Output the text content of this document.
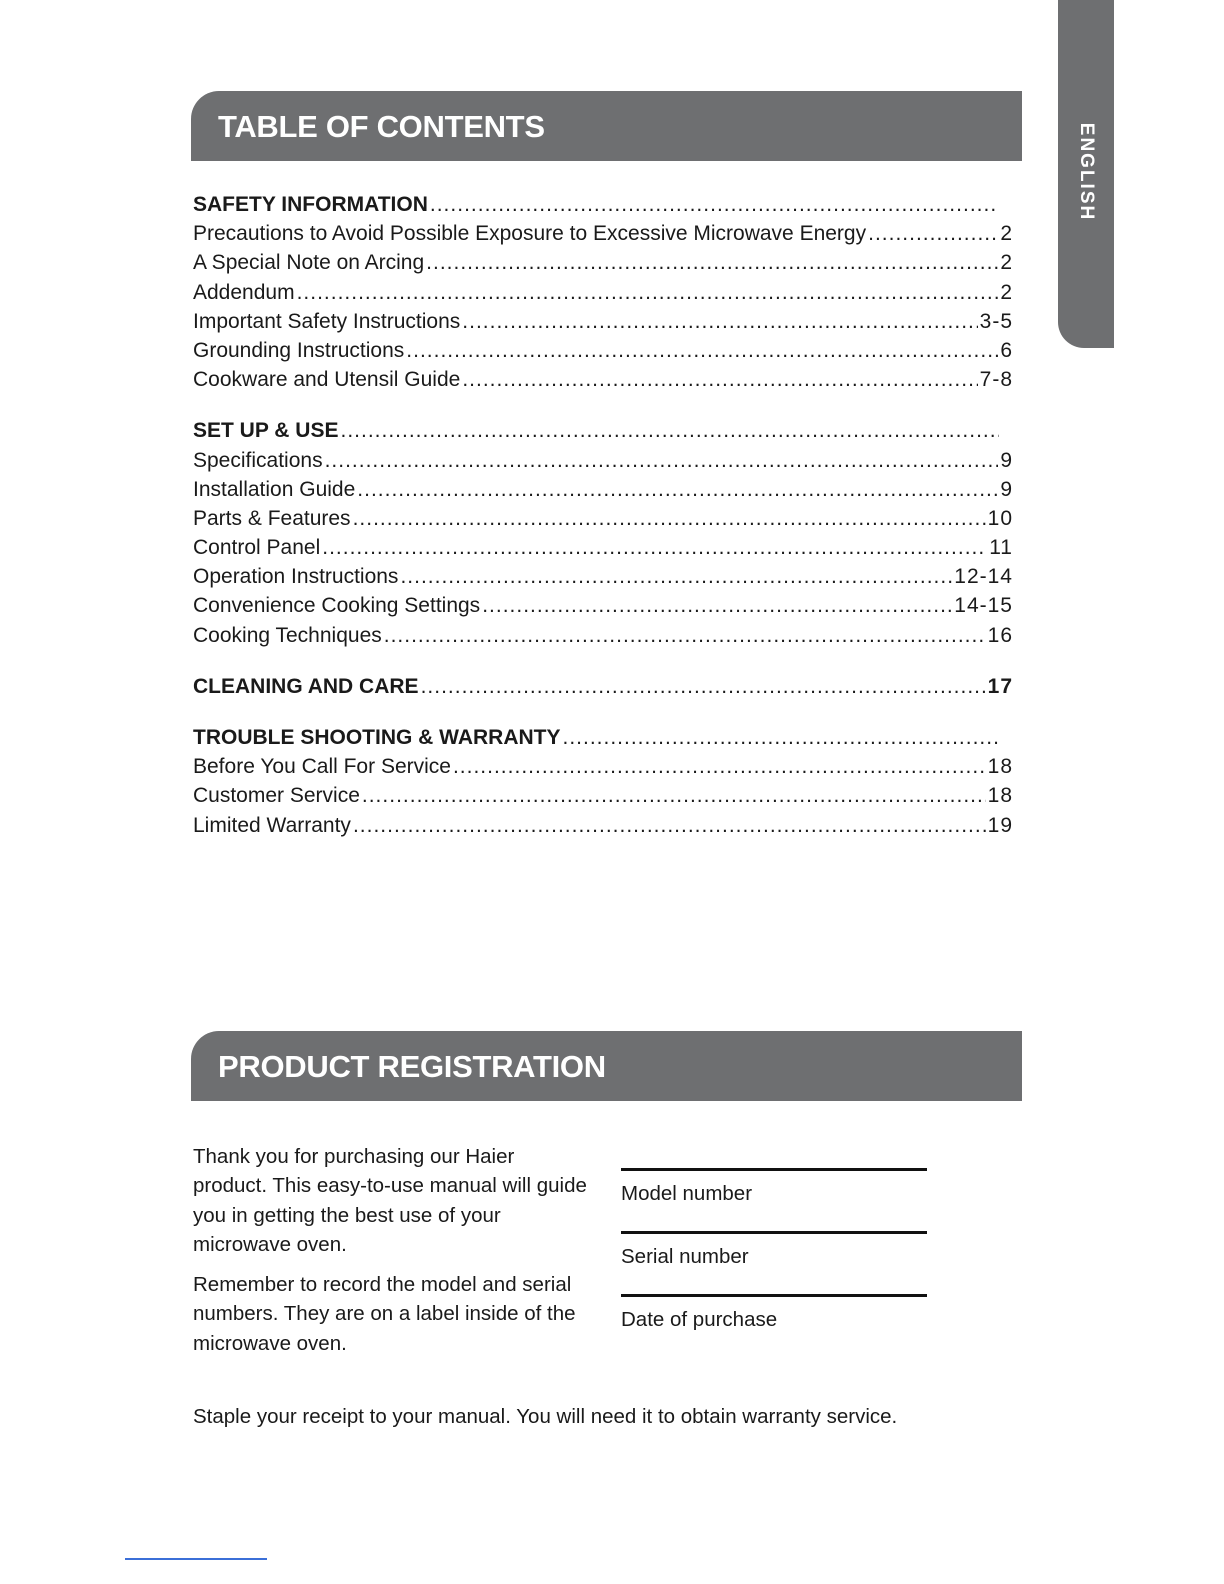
ENGLISH
TABLE OF CONTENTS
SAFETY INFORMATION
.....
Precautions to Avoid Possible Exposure to Excessive Microwave Energy .....	2
A Special Note on Arcing .....	2
Addendum .....	2
Important Safety Instructions .....	3-5
Grounding Instructions .....	6
Cookware and Utensil Guide .....	7-8
SET UP & USE
.....
Specifications .....	9
Installation Guide .....	9
Parts & Features .....	10
Control Panel .....	11
Operation Instructions .....	12-14
Convenience Cooking Settings .....	14-15
Cooking Techniques .....	16
CLEANING AND CARE .....	17
TROUBLE SHOOTING & WARRANTY
.....
Before You Call For Service .....	18
Customer Service .....	18
Limited Warranty .....	19
PRODUCT REGISTRATION

Thank you for purchasing our Haier product. This easy-to-use manual will guide you in getting the best use of your microwave oven.

Remember to record the model and serial numbers. They are on a label inside of the microwave oven.

Model number
Serial number
Date of purchase
Staple your receipt to your manual. You will need it to obtain warranty service.
